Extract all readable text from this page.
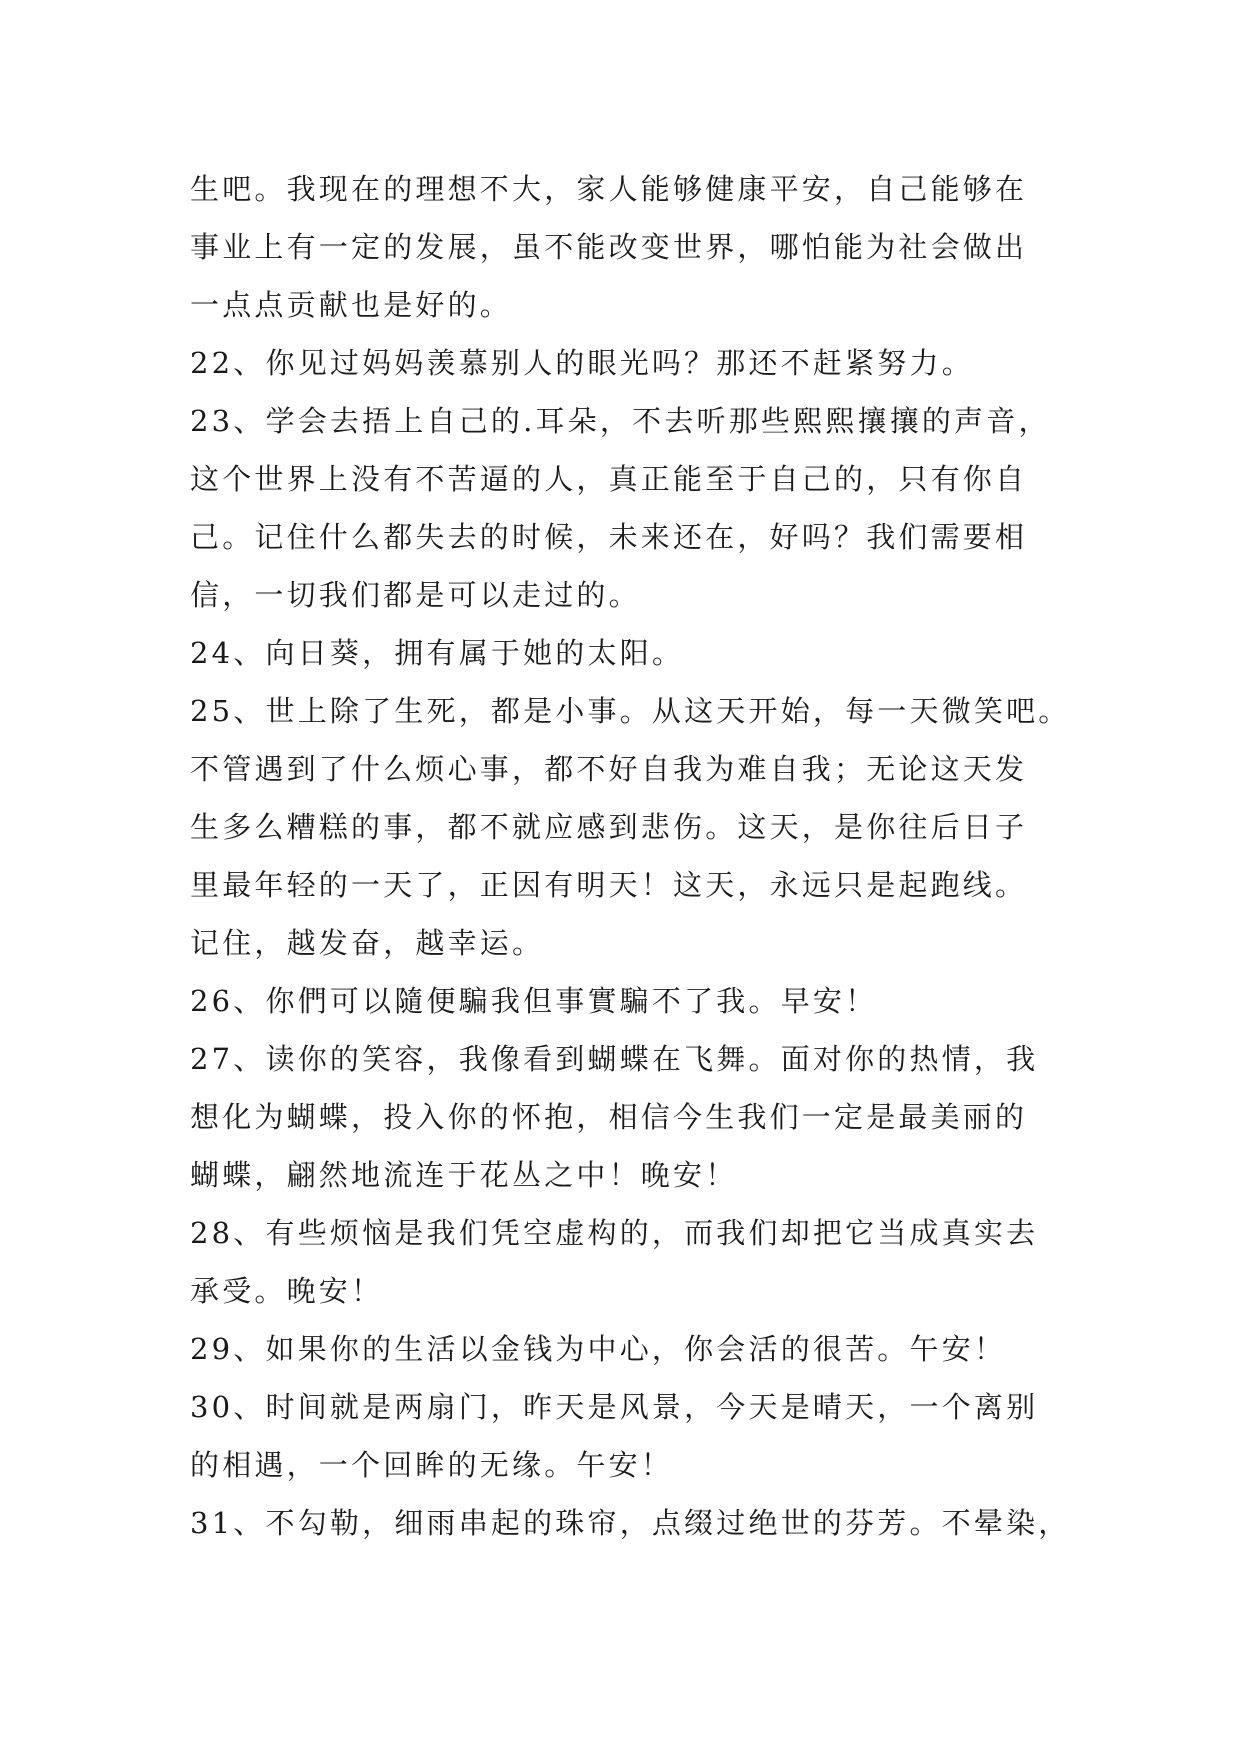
生吧。我现在的理想不大，家人能够健康平安，自己能够在
事业上有一定的发展，虽不能改变世界，哪怕能为社会做出
一点点贡献也是好的。
22、你见过妈妈羡慕别人的眼光吗？那还不赶紧努力。
23、学会去捂上自己的.耳朵，不去听那些熙熙攘攘的声音，
这个世界上没有不苦逼的人，真正能至于自己的，只有你自
己。记住什么都失去的时候，未来还在，好吗？我们需要相
信，一切我们都是可以走过的。
24、向日葵，拥有属于她的太阳。
25、世上除了生死，都是小事。从这天开始，每一天微笑吧。
不管遇到了什么烦心事，都不好自我为难自我；无论这天发
生多么糟糕的事，都不就应感到悲伤。这天，是你往后日子
里最年轻的一天了，正因有明天！这天，永远只是起跑线。
记住，越发奋，越幸运。
26、你們可以隨便騙我但事實騙不了我。早安！
27、读你的笑容，我像看到蝴蝶在飞舞。面对你的热情，我
想化为蝴蝶，投入你的怀抱，相信今生我们一定是最美丽的
蝴蝶，翩然地流连于花丛之中！晚安！
28、有些烦恼是我们凭空虚构的，而我们却把它当成真实去
承受。晚安！
29、如果你的生活以金钱为中心，你会活的很苦。午安！
30、时间就是两扇门，昨天是风景，今天是晴天，一个离别
的相遇，一个回眸的无缘。午安！
31、不勾勒，细雨串起的珠帘，点缀过绝世的芬芳。不晕染，
